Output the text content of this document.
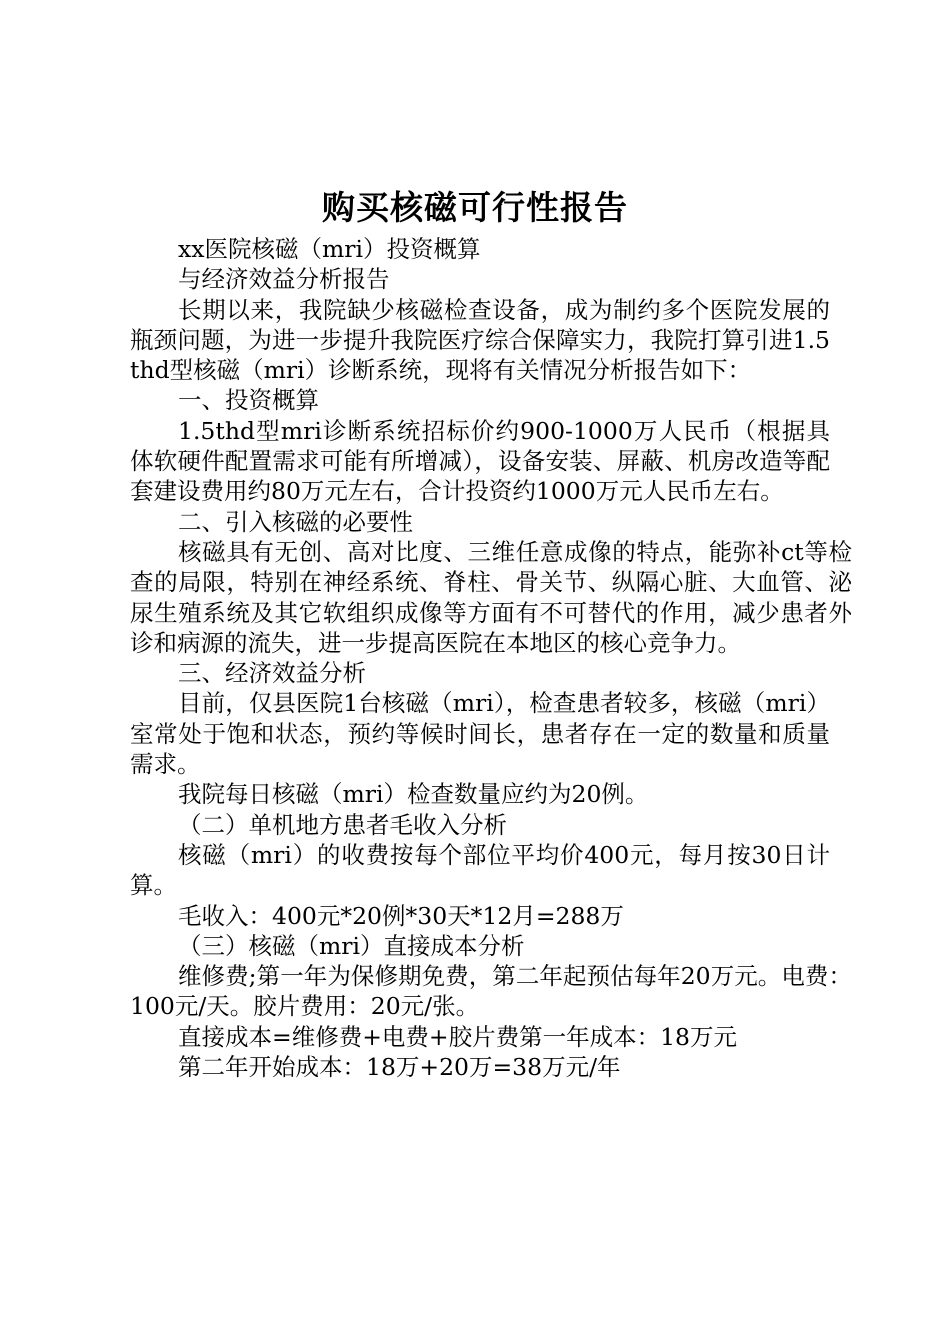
购买核磁可行性报告

xx医院核磁（mri）投资概算

与经济效益分析报告

长期以来，我院缺少核磁检查设备，成为制约多个医院发展的瓶颈问题，为进一步提升我院医疗综合保障实力，我院打算引进1.5thd型核磁（mri）诊断系统，现将有关情况分析报告如下：

一、投资概算

1.5thd型mri诊断系统招标价约900-1000万人民币（根据具体软硬件配置需求可能有所增减），设备安装、屏蔽、机房改造等配套建设费用约80万元左右，合计投资约1000万元人民币左右。

二、引入核磁的必要性

核磁具有无创、高对比度、三维任意成像的特点，能弥补ct等检查的局限，特别在神经系统、脊柱、骨关节、纵隔心脏、大血管、泌尿生殖系统及其它软组织成像等方面有不可替代的作用，减少患者外诊和病源的流失，进一步提高医院在本地区的核心竞争力。

三、经济效益分析

目前，仅县医院1台核磁（mri），检查患者较多，核磁（mri）室常处于饱和状态，预约等候时间长，患者存在一定的数量和质量需求。

我院每日核磁（mri）检查数量应约为20例。

（二）单机地方患者毛收入分析

核磁（mri）的收费按每个部位平均价400元，每月按30日计算。

毛收入：400元*20例*30天*12月=288万

（三）核磁（mri）直接成本分析

维修费;第一年为保修期免费，第二年起预估每年20万元。电费：100元/天。胶片费用：20元/张。

直接成本=维修费+电费+胶片费第一年成本：18万元

第二年开始成本：18万+20万=38万元/年
